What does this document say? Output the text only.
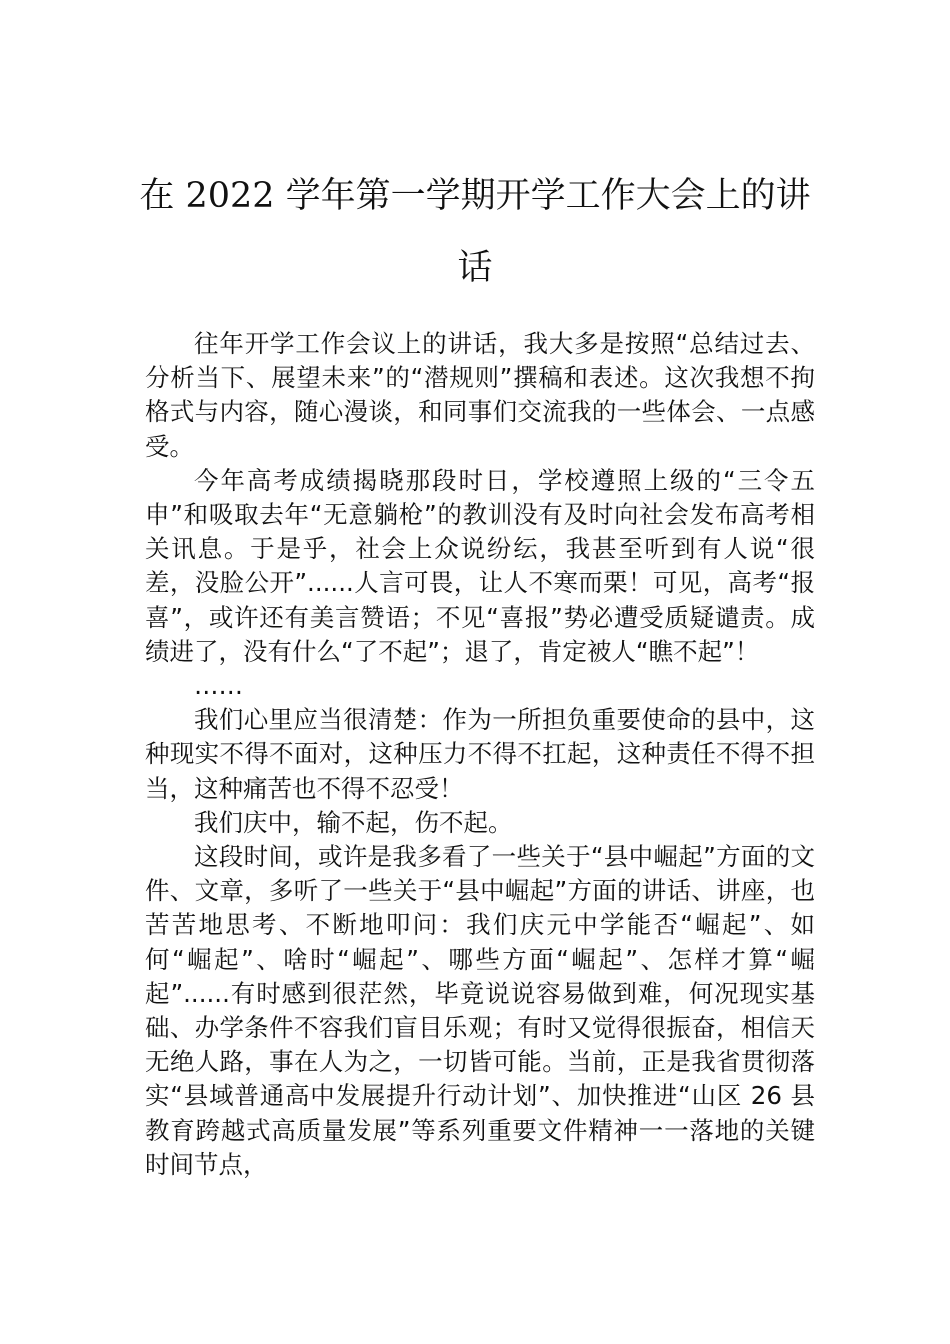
在 2022 学年第一学期开学工作大会上的讲话

往年开学工作会议上的讲话，我大多是按照“总结过去、分析当下、展望未来”的“潜规则”撰稿和表述。这次我想不拘格式与内容，随心漫谈，和同事们交流我的一些体会、一点感受。

今年高考成绩揭晓那段时日，学校遵照上级的“三令五申”和吸取去年“无意躺枪”的教训没有及时向社会发布高考相关讯息。于是乎，社会上众说纷纭，我甚至听到有人说“很差，没脸公开”......人言可畏，让人不寒而栗！可见，高考“报喜”，或许还有美言赞语；不见“喜报”势必遭受质疑谴责。成绩进了，没有什么“了不起”；退了，肯定被人“瞧不起”！

……

我们心里应当很清楚：作为一所担负重要使命的县中，这种现实不得不面对，这种压力不得不扛起，这种责任不得不担当，这种痛苦也不得不忍受！

我们庆中，输不起，伤不起。

这段时间，或许是我多看了一些关于“县中崛起”方面的文件、文章，多听了一些关于“县中崛起”方面的讲话、讲座，也苦苦地思考、不断地叩问：我们庆元中学能否“崛起”、如何“崛起”、啥时“崛起”、哪些方面“崛起”、怎样才算“崛起”......有时感到很茫然，毕竟说说容易做到难，何况现实基础、办学条件不容我们盲目乐观；有时又觉得很振奋，相信天无绝人路，事在人为之，一切皆可能。当前，正是我省贯彻落实“县域普通高中发展提升行动计划”、加快推进“山区 26 县教育跨越式高质量发展”等系列重要文件精神一一落地的关键时间节点，
